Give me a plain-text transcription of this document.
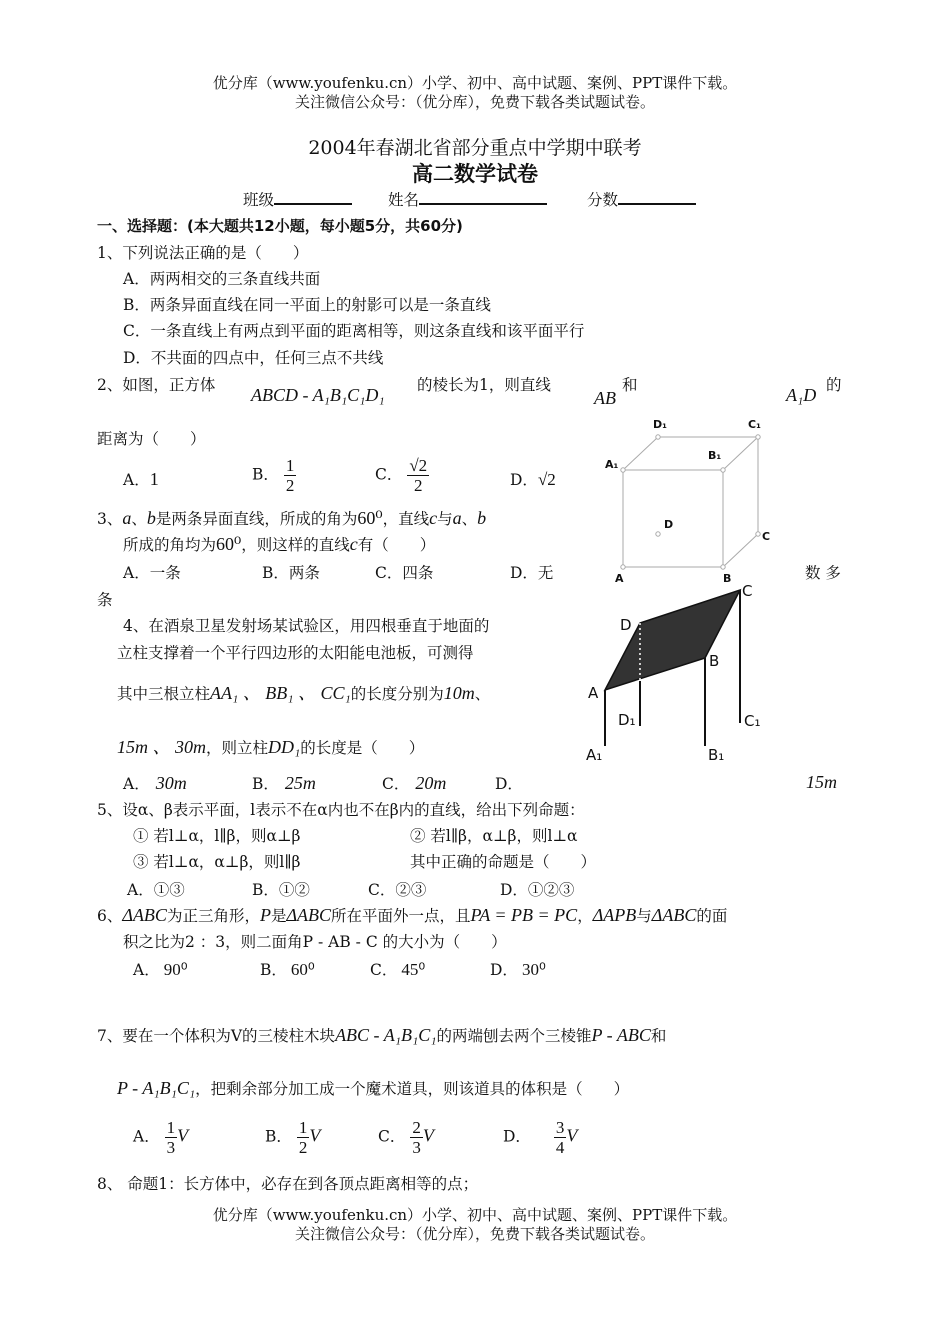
优分库（www.youfenku.cn）小学、初中、高中试题、案例、PPT课件下载。
关注微信公众号：（优分库），免费下载各类试题试卷。
2004年春湖北省部分重点中学期中联考
高二数学试卷
班级	姓名	分数
一、选择题：(本大题共12小题，每小题5分，共60分)
1、下列说法正确的是（　　）
A．两两相交的三条直线共面
B．两条异面直线在同一平面上的射影可以是一条直线
C．一条直线上有两点到平面的距离相等，则这条直线和该平面平行
D．不共面的四点中，任何三点不共线
2、如图，正方体 ABCD - A₁B₁C₁D₁ 的棱长为1，则直线
AB
和	A₁D 的
距离为（　　）
A．1	B． $\frac{1}{2}$	C． $\frac{√2}{2}$	D．√2
D₁	C₁
A₁
B₁
D
C
A	B
3、a、b是两条异面直线，所成的角为60⁰，直线c与a、b
所成的角均为60⁰，则这样的直线c有（　　）
A．一条	B．两条	C．四条	D．无	数 多
条
4、在酒泉卫星发射场某试验区，用四根垂直于地面的
立柱支撑着一个平行四边形的太阳能电池板，可测得
其中三根立柱AA₁ 、 BB₁ 、 CC₁的长度分别为10m、
15m 、 30m，则立柱DD₁的长度是（　　）
A． 30m	B． 25m	C． 20m	D．	15m
C
D
B
A
D₁	C₁
A₁	B₁
5、设α、β表示平面，l表示不在α内也不在β内的直线，给出下列命题：
① 若l⊥α，l∥β，则α⊥β	② 若l∥β，α⊥β，则l⊥α
③ 若l⊥α，α⊥β，则l∥β	其中正确的命题是（　　）
A．①③	B．①②	C．②③	D．①②③
6、ΔABC为正三角形，P是ΔABC所在平面外一点，且PA = PB = PC，ΔAPB与ΔABC的面
积之比为2 ：3，则二面角P - AB - C 的大小为（　　）
A． 90⁰	B． 60⁰	C． 45⁰	D． 30⁰
7、要在一个体积为V的三棱柱木块ABC - A₁B₁C₁的两端刨去两个三棱锥P - ABC和
P - A₁B₁C₁，把剩余部分加工成一个魔术道具，则该道具的体积是（　　）
A． $\frac{1}{3}$ V	B． $\frac{1}{2}$ V	C． $\frac{2}{3}$ V	D． $\frac{3}{4}$ V
8、 命题1：长方体中，必存在到各顶点距离相等的点；
优分库（www.youfenku.cn）小学、初中、高中试题、案例、PPT课件下载。
关注微信公众号：（优分库），免费下载各类试题试卷。
